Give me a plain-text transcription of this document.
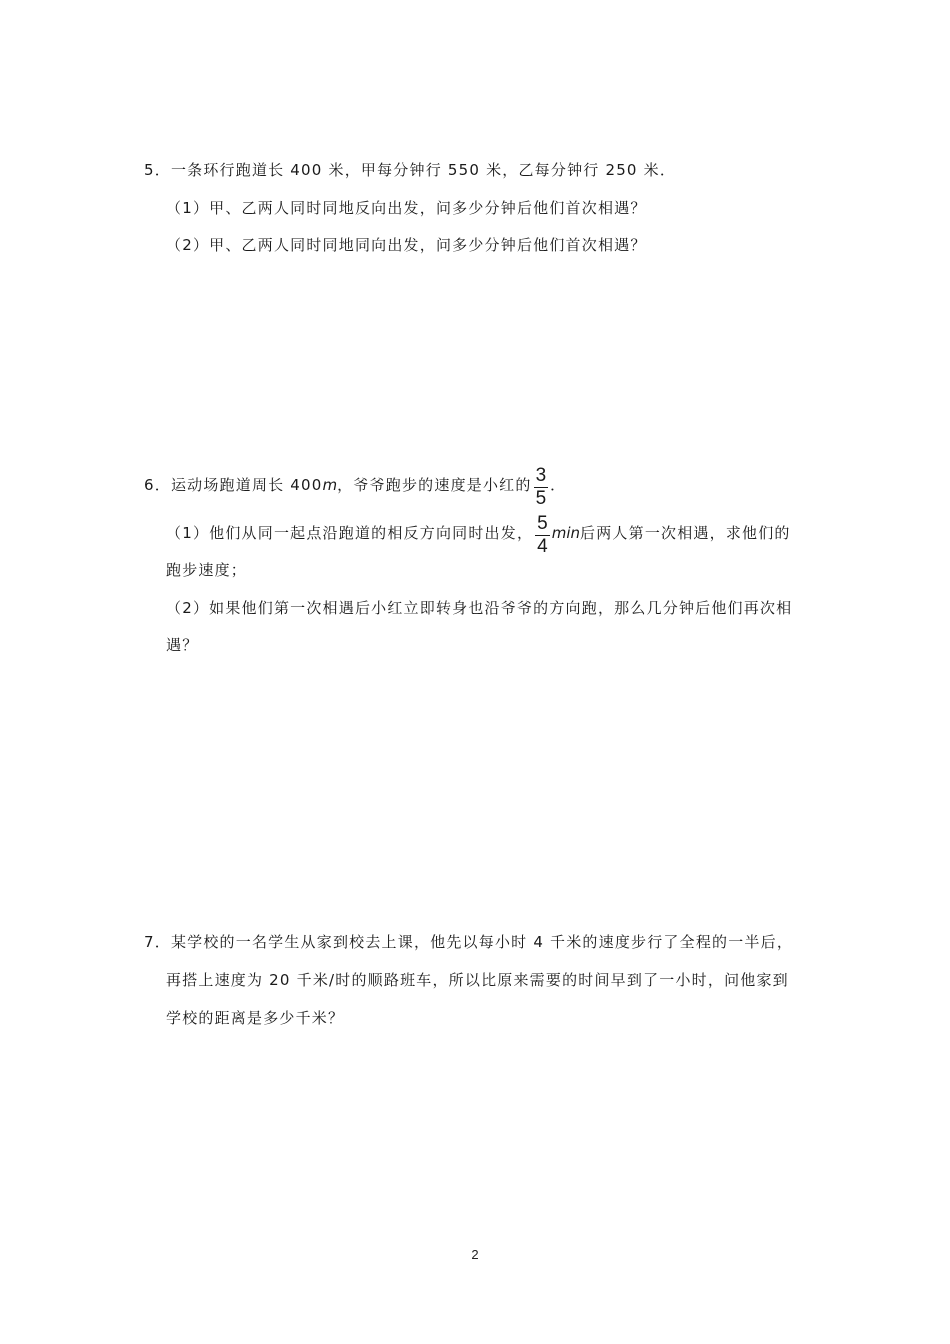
5．一条环行跑道长 400 米，甲每分钟行 550 米，乙每分钟行 250 米．
（1）甲、乙两人同时同地反向出发，问多少分钟后他们首次相遇？
（2）甲、乙两人同时同地同向出发，问多少分钟后他们首次相遇？
6．运动场跑道周长 400m，爷爷跑步的速度是小红的 $\frac{3}{5}$ ．
（1）他们从同一起点沿跑道的相反方向同时出发， $\frac{5}{4}$ min后两人第一次相遇，求他们的
跑步速度；
（2）如果他们第一次相遇后小红立即转身也沿爷爷的方向跑，那么几分钟后他们再次相
遇？
7．某学校的一名学生从家到校去上课，他先以每小时 4 千米的速度步行了全程的一半后，
再搭上速度为 20 千米/时的顺路班车，所以比原来需要的时间早到了一小时，问他家到
学校的距离是多少千米？
2
